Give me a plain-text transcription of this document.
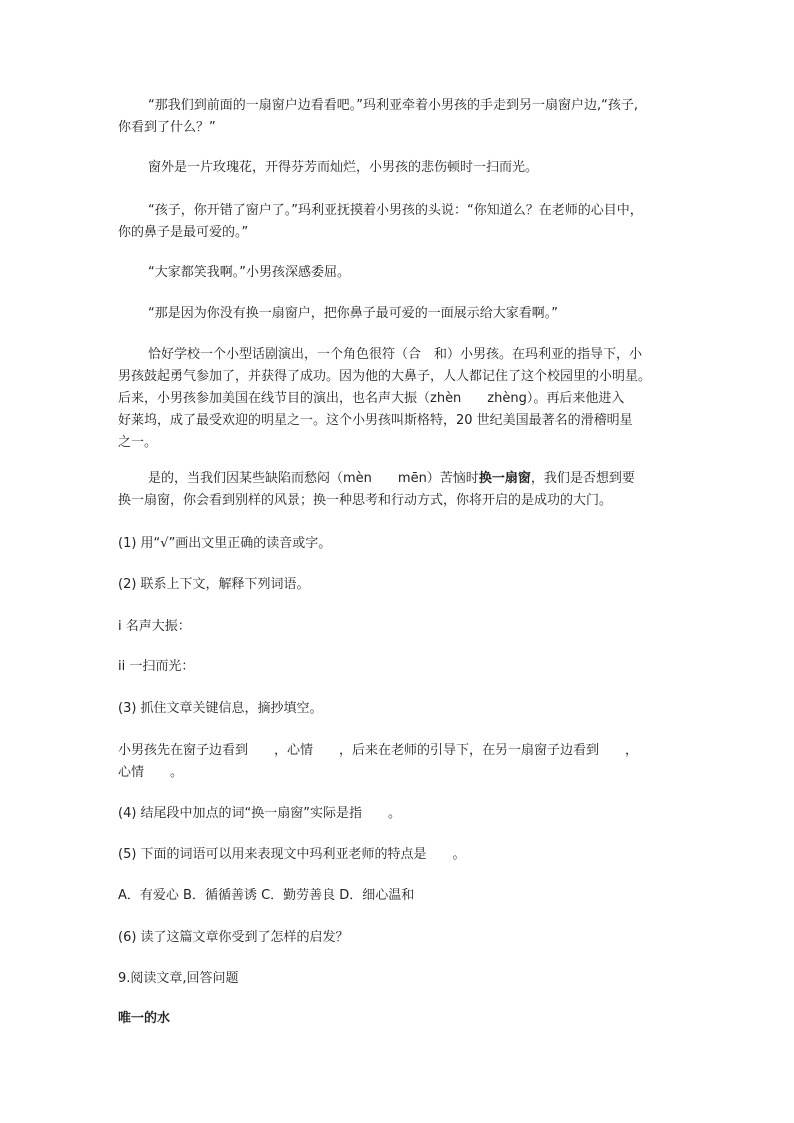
“那我们到前面的一扇窗户边看看吧。”玛利亚牵着小男孩的手走到另一扇窗户边,“孩子,
你看到了什么？”
窗外是一片玫瑰花，开得芬芳而灿烂，小男孩的悲伤顿时一扫而光。
“孩子，你开错了窗户了。”玛利亚抚摸着小男孩的头说：“你知道么？在老师的心目中，
你的鼻子是最可爱的。”
“大家都笑我啊。”小男孩深感委屈。
“那是因为你没有换一扇窗户，把你鼻子最可爱的一面展示给大家看啊。”
恰好学校一个小型话剧演出，一个角色很符（合　和）小男孩。在玛利亚的指导下，小
男孩鼓起勇气参加了，并获得了成功。因为他的大鼻子，人人都记住了这个校园里的小明星。
后来，小男孩参加美国在线节目的演出，也名声大振（zhèn　　zhèng）。再后来他进入
好莱坞，成了最受欢迎的明星之一。这个小男孩叫斯格特，20 世纪美国最著名的滑稽明星
之一。
是的，当我们因某些缺陷而愁闷（mèn　　mēn）苦恼时换一扇窗，我们是否想到要
换一扇窗，你会看到别样的风景；换一种思考和行动方式，你将开启的是成功的大门。
(1) 用“√”画出文里正确的读音或字。
(2) 联系上下文，解释下列词语。
i 名声大振：
ii 一扫而光：
(3) 抓住文章关键信息，摘抄填空。
小男孩先在窗子边看到　　，心情　　，后来在老师的引导下，在另一扇窗子边看到　　，
心情　　。
(4) 结尾段中加点的词“换一扇窗”实际是指　　。
(5) 下面的词语可以用来表现文中玛利亚老师的特点是　　。
A．有爱心 B．循循善诱 C．勤劳善良 D．细心温和
(6) 读了这篇文章你受到了怎样的启发？
9.阅读文章,回答问题
唯一的水
